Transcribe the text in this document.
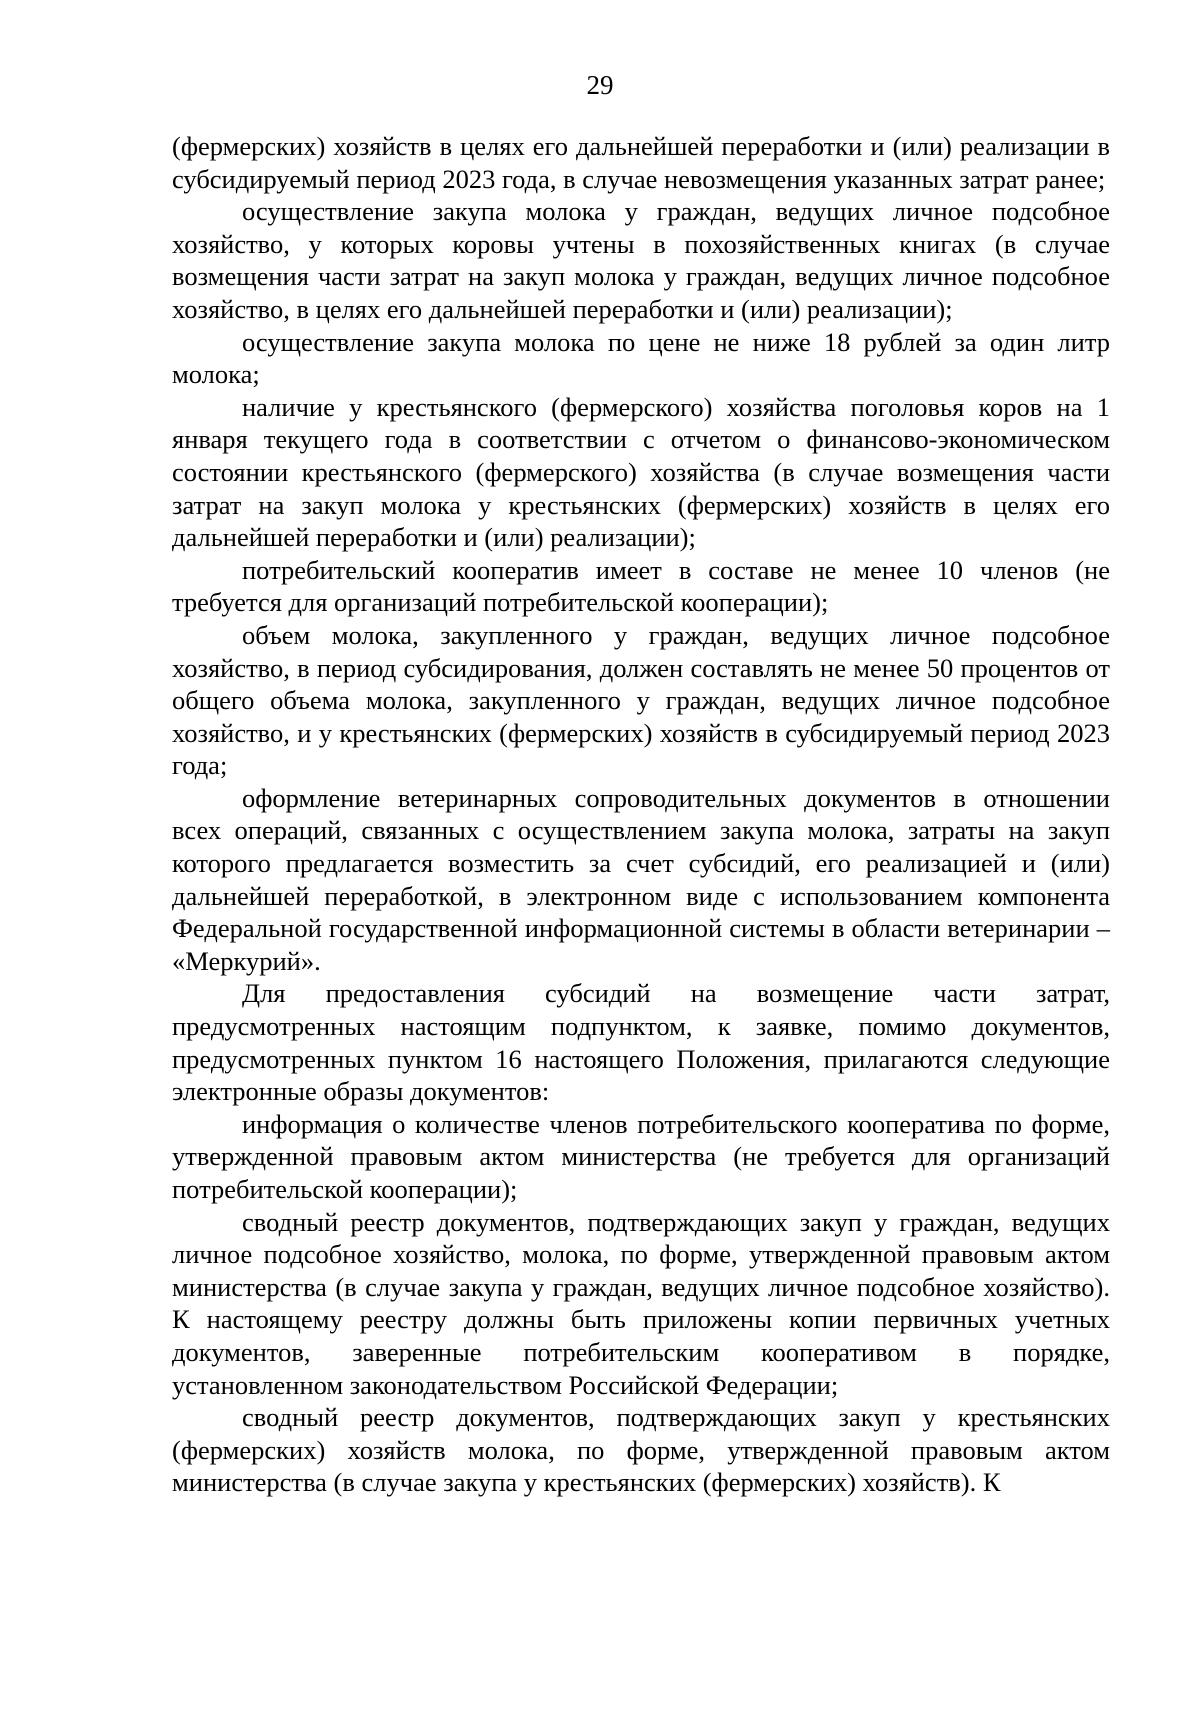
29

(фермерских) хозяйств в целях его дальнейшей переработки и (или) реализации в субсидируемый период 2023 года, в случае невозмещения указанных затрат ранее;

осуществление закупа молока у граждан, ведущих личное подсобное хозяйство, у которых коровы учтены в похозяйственных книгах (в случае возмещения части затрат на закуп молока у граждан, ведущих личное подсобное хозяйство, в целях его дальнейшей переработки и (или) реализации);

осуществление закупа молока по цене не ниже 18 рублей за один литр молока;

наличие у крестьянского (фермерского) хозяйства поголовья коров на 1 января текущего года в соответствии с отчетом о финансово-экономическом состоянии крестьянского (фермерского) хозяйства (в случае возмещения части затрат на закуп молока у крестьянских (фермерских) хозяйств в целях его дальнейшей переработки и (или) реализации);

потребительский кооператив имеет в составе не менее 10 членов (не требуется для организаций потребительской кооперации);

объем молока, закупленного у граждан, ведущих личное подсобное хозяйство, в период субсидирования, должен составлять не менее 50 процентов от общего объема молока, закупленного у граждан, ведущих личное подсобное хозяйство, и у крестьянских (фермерских) хозяйств в субсидируемый период 2023 года;

оформление ветеринарных сопроводительных документов в отношении всех операций, связанных с осуществлением закупа молока, затраты на закуп которого предлагается возместить за счет субсидий, его реализацией и (или) дальнейшей переработкой, в электронном виде с использованием компонента Федеральной государственной информационной системы в области ветеринарии – «Меркурий».

Для предоставления субсидий на возмещение части затрат, предусмотренных настоящим подпунктом, к заявке, помимо документов, предусмотренных пунктом 16 настоящего Положения, прилагаются следующие электронные образы документов:

информация о количестве членов потребительского кооператива по форме, утвержденной правовым актом министерства (не требуется для организаций потребительской кооперации);

сводный реестр документов, подтверждающих закуп у граждан, ведущих личное подсобное хозяйство, молока, по форме, утвержденной правовым актом министерства (в случае закупа у граждан, ведущих личное подсобное хозяйство). К настоящему реестру должны быть приложены копии первичных учетных документов, заверенные потребительским кооперативом в порядке, установленном законодательством Российской Федерации;

сводный реестр документов, подтверждающих закуп у крестьянских (фермерских) хозяйств молока, по форме, утвержденной правовым актом министерства (в случае закупа у крестьянских (фермерских) хозяйств). К
